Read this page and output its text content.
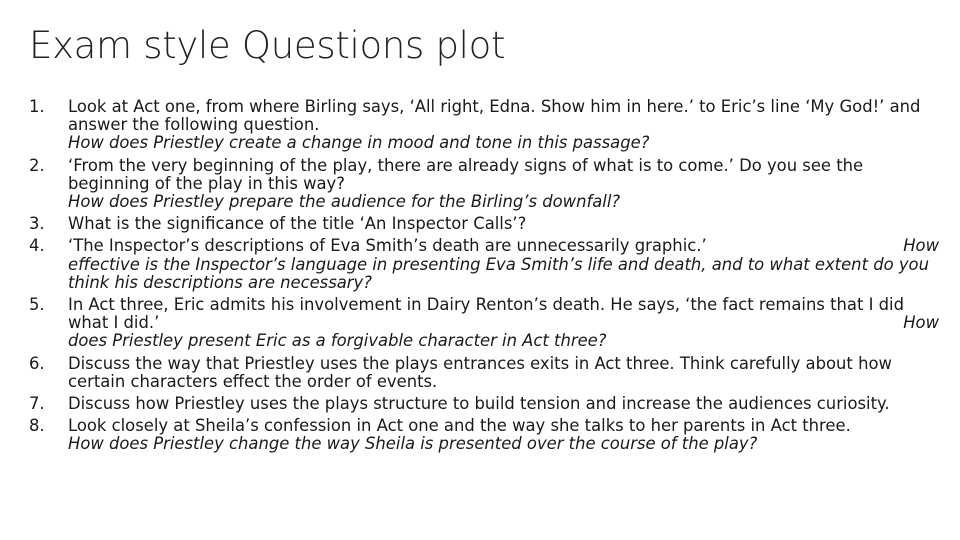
Exam style Questions plot
1.	Look at Act one, from where Birling says, ‘All right, Edna. Show him in here.’ to Eric’s line ‘My God!’ and answer the following question.
How does Priestley create a change in mood and tone in this passage?
2.	‘From the very beginning of the play, there are already signs of what is to come.’ Do you see the beginning of the play in this way?
How does Priestley prepare the audience for the Birling’s downfall?
3.	What is the significance of the title ‘An Inspector Calls’?
4.	‘The Inspector’s descriptions of Eva Smith’s death are unnecessarily graphic.’	How
effective is the Inspector’s language in presenting Eva Smith’s life and death, and to what extent do you think his descriptions are necessary?
5.	In Act three, Eric admits his involvement in Dairy Renton’s death. He says, ‘the fact remains that I did what I did.’	How
does Priestley present Eric as a forgivable character in Act three?
6.	Discuss the way that Priestley uses the plays entrances exits in Act three. Think carefully about how certain characters effect the order of events.
7.	Discuss how Priestley uses the plays structure to build tension and increase the audiences curiosity.
8.	Look closely at Sheila’s confession in Act one and the way she talks to her parents in Act three.
How does Priestley change the way Sheila is presented over the course of the play?
